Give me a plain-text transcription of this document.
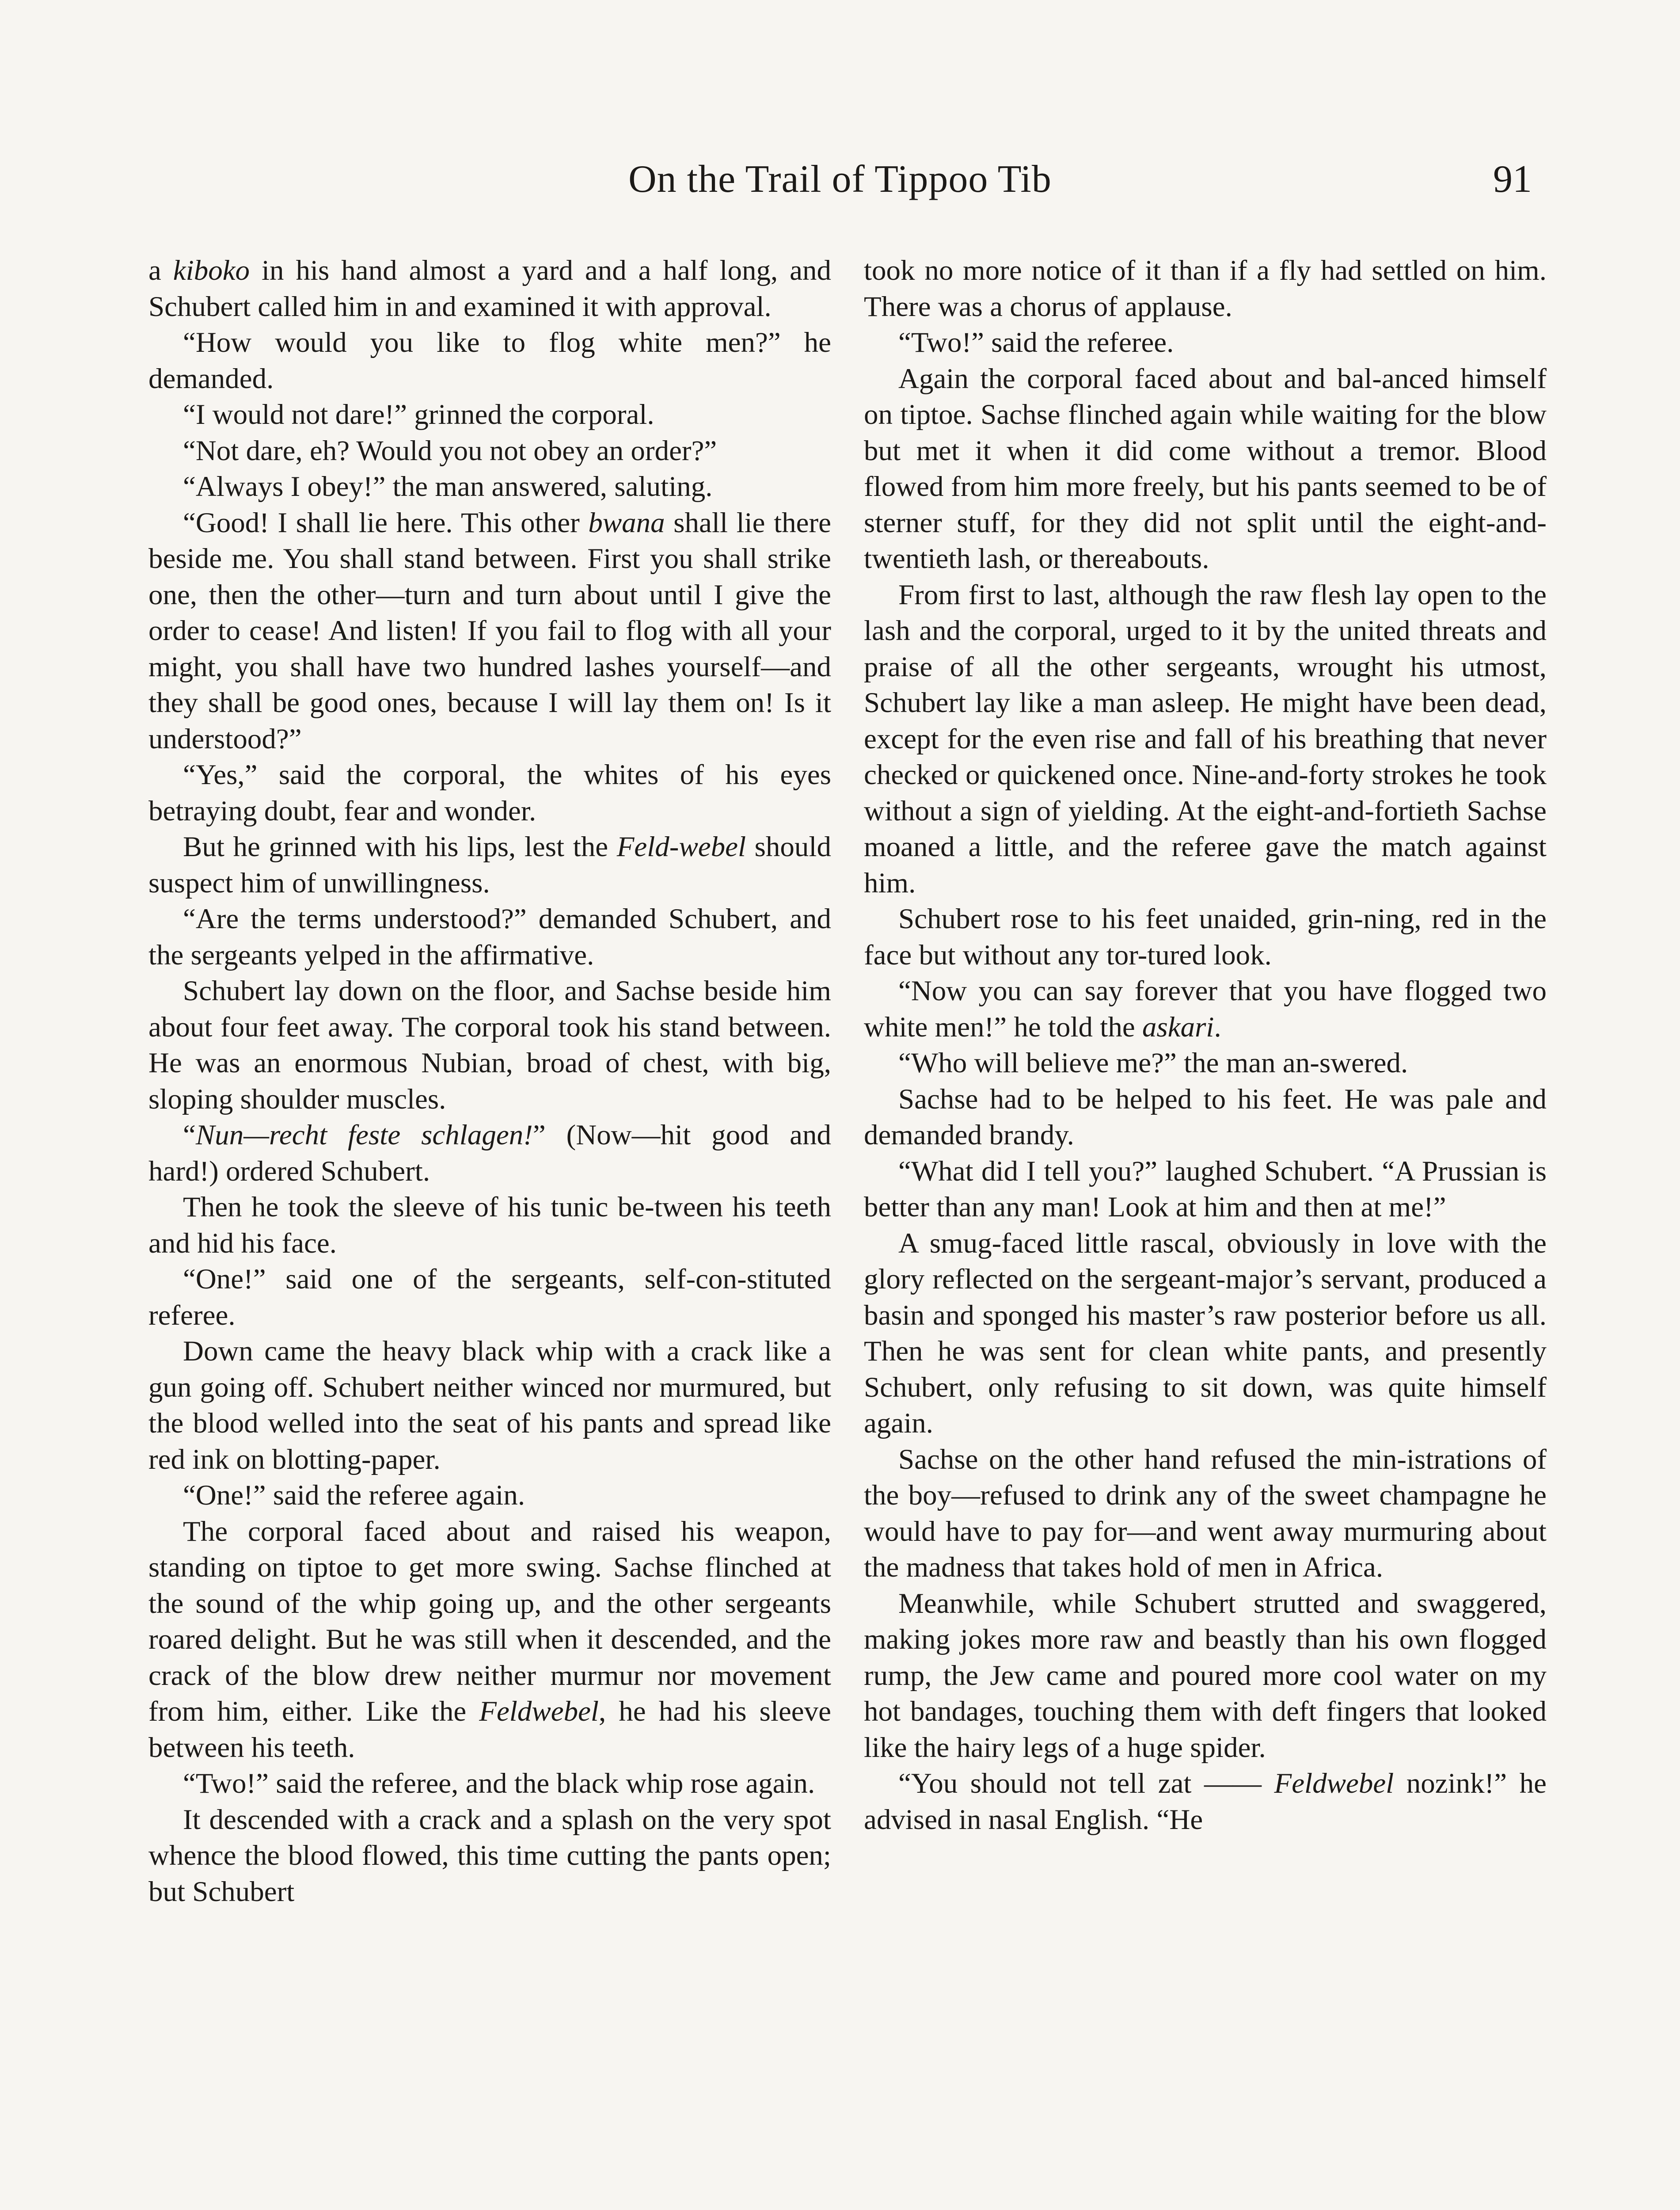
On the Trail of Tippoo Tib	91

a kiboko in his hand almost a yard and a half long, and Schubert called him in and examined it with approval.

“How would you like to flog white men?” he demanded.

“I would not dare!” grinned the corporal.

“Not dare, eh? Would you not obey an order?”

“Always I obey!” the man answered, saluting.

“Good! I shall lie here. This other bwana shall lie there beside me. You shall stand between. First you shall strike one, then the other—turn and turn about until I give the order to cease! And listen! If you fail to flog with all your might, you shall have two hundred lashes yourself—and they shall be good ones, because I will lay them on! Is it understood?”

“Yes,” said the corporal, the whites of his eyes betraying doubt, fear and wonder.

But he grinned with his lips, lest the Feld-webel should suspect him of unwillingness.

“Are the terms understood?” demanded Schubert, and the sergeants yelped in the affirmative.

Schubert lay down on the floor, and Sachse beside him about four feet away. The corporal took his stand between. He was an enormous Nubian, broad of chest, with big, sloping shoulder muscles.

“Nun—recht feste schlagen!” (Now—hit good and hard!) ordered Schubert.

Then he took the sleeve of his tunic be-tween his teeth and hid his face.

“One!” said one of the sergeants, self-con-stituted referee.

Down came the heavy black whip with a crack like a gun going off. Schubert neither winced nor murmured, but the blood welled into the seat of his pants and spread like red ink on blotting-paper.

“One!” said the referee again.

The corporal faced about and raised his weapon, standing on tiptoe to get more swing. Sachse flinched at the sound of the whip going up, and the other sergeants roared delight. But he was still when it descended, and the crack of the blow drew neither murmur nor movement from him, either. Like the Feldwebel, he had his sleeve between his teeth.

“Two!” said the referee, and the black whip rose again.

It descended with a crack and a splash on the very spot whence the blood flowed, this time cutting the pants open; but Schubert

took no more notice of it than if a fly had settled on him. There was a chorus of applause.

“Two!” said the referee.

Again the corporal faced about and bal-anced himself on tiptoe. Sachse flinched again while waiting for the blow but met it when it did come without a tremor. Blood flowed from him more freely, but his pants seemed to be of sterner stuff, for they did not split until the eight-and-twentieth lash, or thereabouts.

From first to last, although the raw flesh lay open to the lash and the corporal, urged to it by the united threats and praise of all the other sergeants, wrought his utmost, Schubert lay like a man asleep. He might have been dead, except for the even rise and fall of his breathing that never checked or quickened once. Nine-and-forty strokes he took without a sign of yielding. At the eight-and-fortieth Sachse moaned a little, and the referee gave the match against him.

Schubert rose to his feet unaided, grin-ning, red in the face but without any tor-tured look.

“Now you can say forever that you have flogged two white men!” he told the askari.

“Who will believe me?” the man an-swered.

Sachse had to be helped to his feet. He was pale and demanded brandy.

“What did I tell you?” laughed Schubert. “A Prussian is better than any man! Look at him and then at me!”

A smug-faced little rascal, obviously in love with the glory reflected on the sergeant-major’s servant, produced a basin and sponged his master’s raw posterior before us all. Then he was sent for clean white pants, and presently Schubert, only refusing to sit down, was quite himself again.

Sachse on the other hand refused the min-istrations of the boy—refused to drink any of the sweet champagne he would have to pay for—and went away murmuring about the madness that takes hold of men in Africa.

Meanwhile, while Schubert strutted and swaggered, making jokes more raw and beastly than his own flogged rump, the Jew came and poured more cool water on my hot bandages, touching them with deft fingers that looked like the hairy legs of a huge spider.

“You should not tell zat —— Feldwebel nozink!” he advised in nasal English. “He
